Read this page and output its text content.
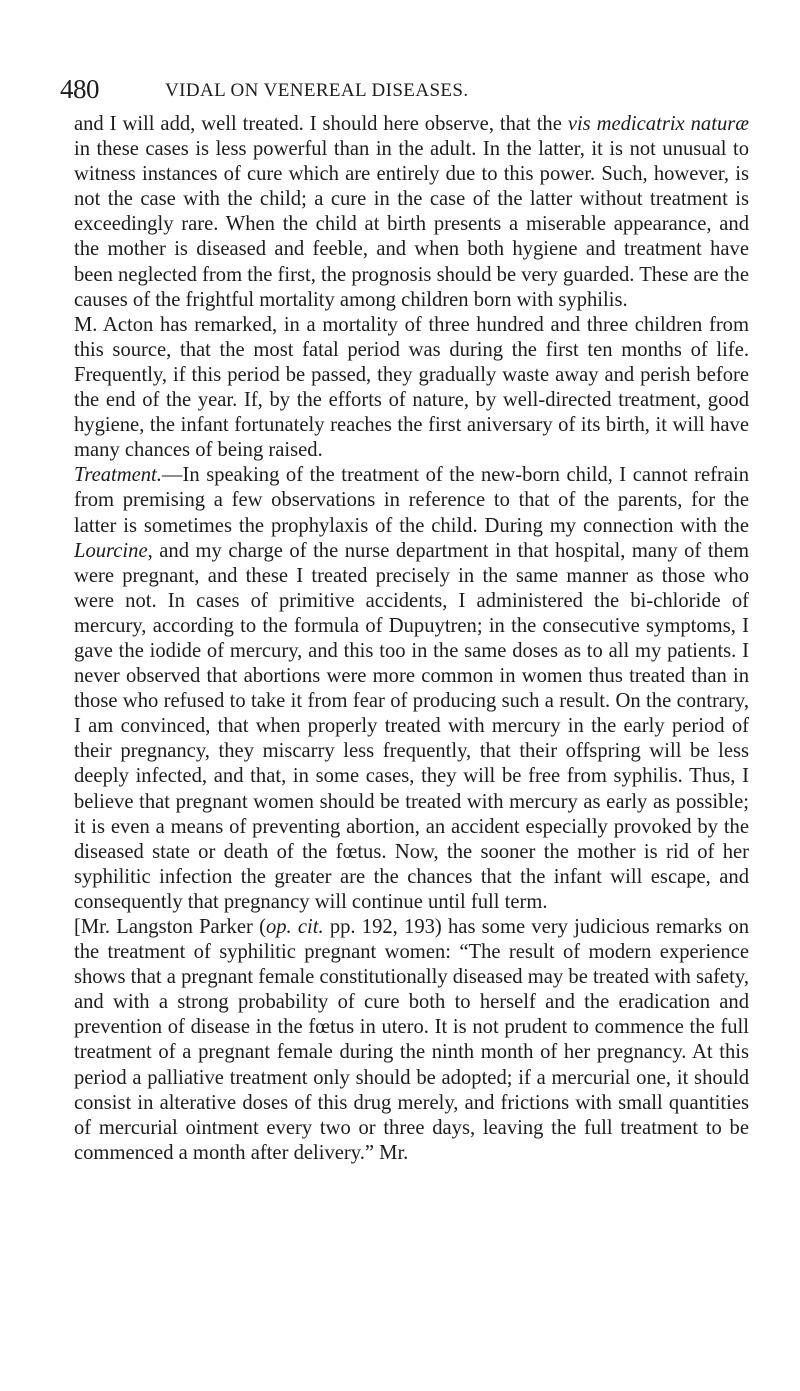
480	VIDAL ON VENEREAL DISEASES.

and I will add, well treated. I should here observe, that the vis medicatrix naturæ in these cases is less powerful than in the adult. In the latter, it is not unusual to witness instances of cure which are entirely due to this power. Such, however, is not the case with the child; a cure in the case of the latter without treatment is exceedingly rare. When the child at birth presents a miserable appearance, and the mother is diseased and feeble, and when both hygiene and treatment have been neglected from the first, the prognosis should be very guarded. These are the causes of the frightful mortality among children born with syphilis.

M. Acton has remarked, in a mortality of three hundred and three children from this source, that the most fatal period was during the first ten months of life. Frequently, if this period be passed, they gradually waste away and perish before the end of the year. If, by the efforts of nature, by well-directed treatment, good hygiene, the infant fortunately reaches the first aniversary of its birth, it will have many chances of being raised.

Treatment.—In speaking of the treatment of the new-born child, I cannot refrain from premising a few observations in reference to that of the parents, for the latter is sometimes the prophylaxis of the child. During my connection with the Lourcine, and my charge of the nurse department in that hospital, many of them were pregnant, and these I treated precisely in the same manner as those who were not. In cases of primitive accidents, I administered the bi-chloride of mercury, according to the formula of Dupuytren; in the consecutive symptoms, I gave the iodide of mercury, and this too in the same doses as to all my patients. I never observed that abortions were more common in women thus treated than in those who refused to take it from fear of producing such a result. On the contrary, I am convinced, that when properly treated with mercury in the early period of their pregnancy, they miscarry less frequently, that their offspring will be less deeply infected, and that, in some cases, they will be free from syphilis. Thus, I believe that pregnant women should be treated with mercury as early as possible; it is even a means of preventing abortion, an accident especially provoked by the diseased state or death of the fœtus. Now, the sooner the mother is rid of her syphilitic infection the greater are the chances that the infant will escape, and consequently that pregnancy will continue until full term.

[Mr. Langston Parker (op. cit. pp. 192, 193) has some very judicious remarks on the treatment of syphilitic pregnant women: “The result of modern experience shows that a pregnant female constitutionally diseased may be treated with safety, and with a strong probability of cure both to herself and the eradication and prevention of disease in the fœtus in utero. It is not prudent to commence the full treatment of a pregnant female during the ninth month of her pregnancy. At this period a palliative treatment only should be adopted; if a mercurial one, it should consist in alterative doses of this drug merely, and frictions with small quantities of mercurial ointment every two or three days, leaving the full treatment to be commenced a month after delivery.” Mr.
